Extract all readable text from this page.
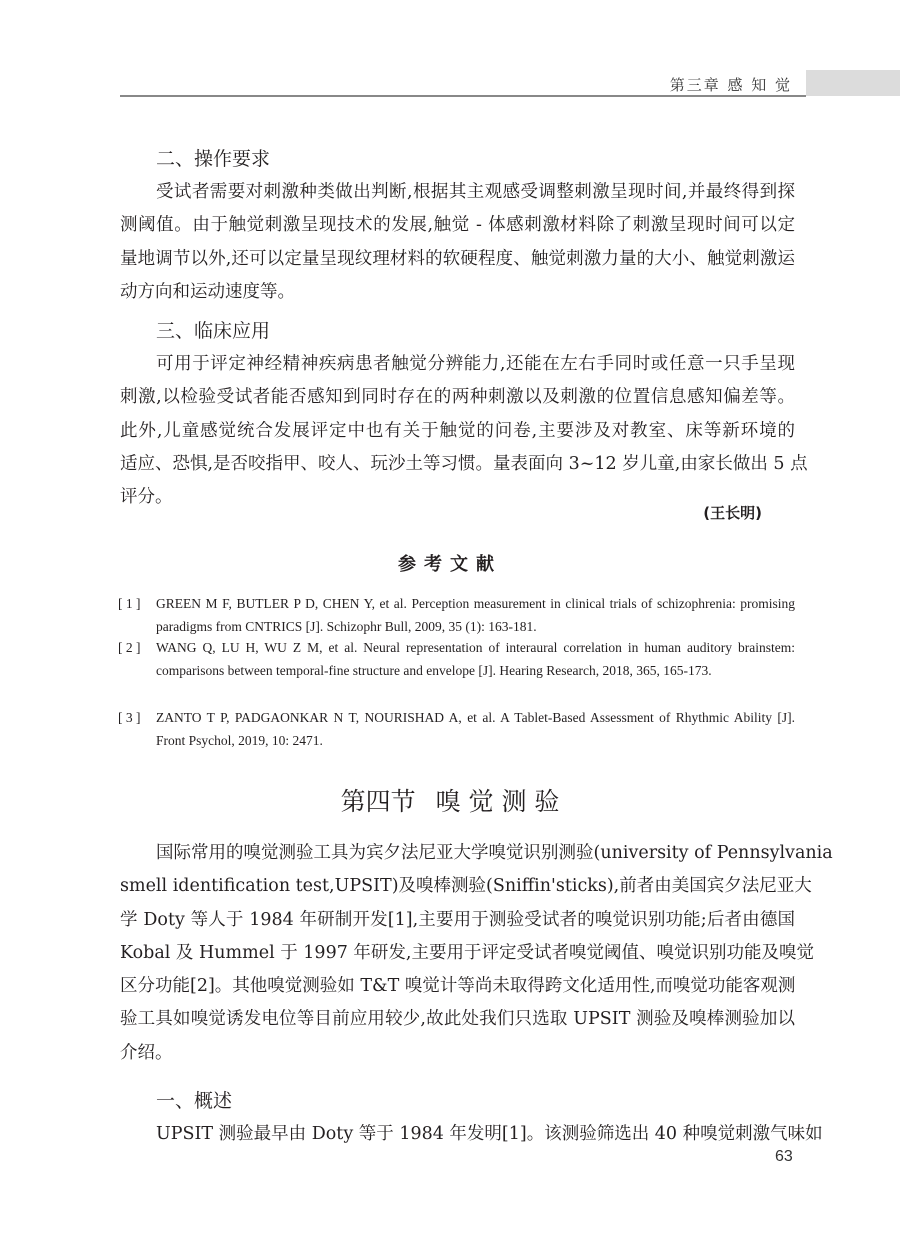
第三章 感 知 觉
二、操作要求
受试者需要对刺激种类做出判断,根据其主观感受调整刺激呈现时间,并最终得到探
测阈值。由于触觉刺激呈现技术的发展,触觉 - 体感刺激材料除了刺激呈现时间可以定
量地调节以外,还可以定量呈现纹理材料的软硬程度、触觉刺激力量的大小、触觉刺激运
动方向和运动速度等。
三、临床应用
可用于评定神经精神疾病患者触觉分辨能力,还能在左右手同时或任意一只手呈现
刺激,以检验受试者能否感知到同时存在的两种刺激以及刺激的位置信息感知偏差等。
此外,儿童感觉统合发展评定中也有关于触觉的问卷,主要涉及对教室、床等新环境的
适应、恐惧,是否咬指甲、咬人、玩沙土等习惯。量表面向 3~12 岁儿童,由家长做出 5 点
评分。
(王长明)
参考文献
[ 1 ] GREEN M F, BUTLER P D, CHEN Y, et al. Perception measurement in clinical trials of schizophrenia: promising paradigms from CNTRICS [J]. Schizophr Bull, 2009, 35 (1): 163-181.
[ 2 ] WANG Q, LU H, WU Z M, et al. Neural representation of interaural correlation in human auditory brainstem: comparisons between temporal-fine structure and envelope [J]. Hearing Research, 2018, 365, 165-173.
[ 3 ] ZANTO T P, PADGAONKAR N T, NOURISHAD A, et al. A Tablet-Based Assessment of Rhythmic Ability [J]. Front Psychol, 2019, 10: 2471.
第四节 嗅 觉 测 验
国际常用的嗅觉测验工具为宾夕法尼亚大学嗅觉识别测验(university of Pennsylvania
smell identification test,UPSIT)及嗅棒测验(Sniffin'sticks),前者由美国宾夕法尼亚大
学 Doty 等人于 1984 年研制开发[1],主要用于测验受试者的嗅觉识别功能;后者由德国
Kobal 及 Hummel 于 1997 年研发,主要用于评定受试者嗅觉阈值、嗅觉识别功能及嗅觉
区分功能[2]。其他嗅觉测验如 T&T 嗅觉计等尚未取得跨文化适用性,而嗅觉功能客观测
验工具如嗅觉诱发电位等目前应用较少,故此处我们只选取 UPSIT 测验及嗅棒测验加以
介绍。
一、概述
UPSIT 测验最早由 Doty 等于 1984 年发明[1]。该测验筛选出 40 种嗅觉刺激气味如
63
